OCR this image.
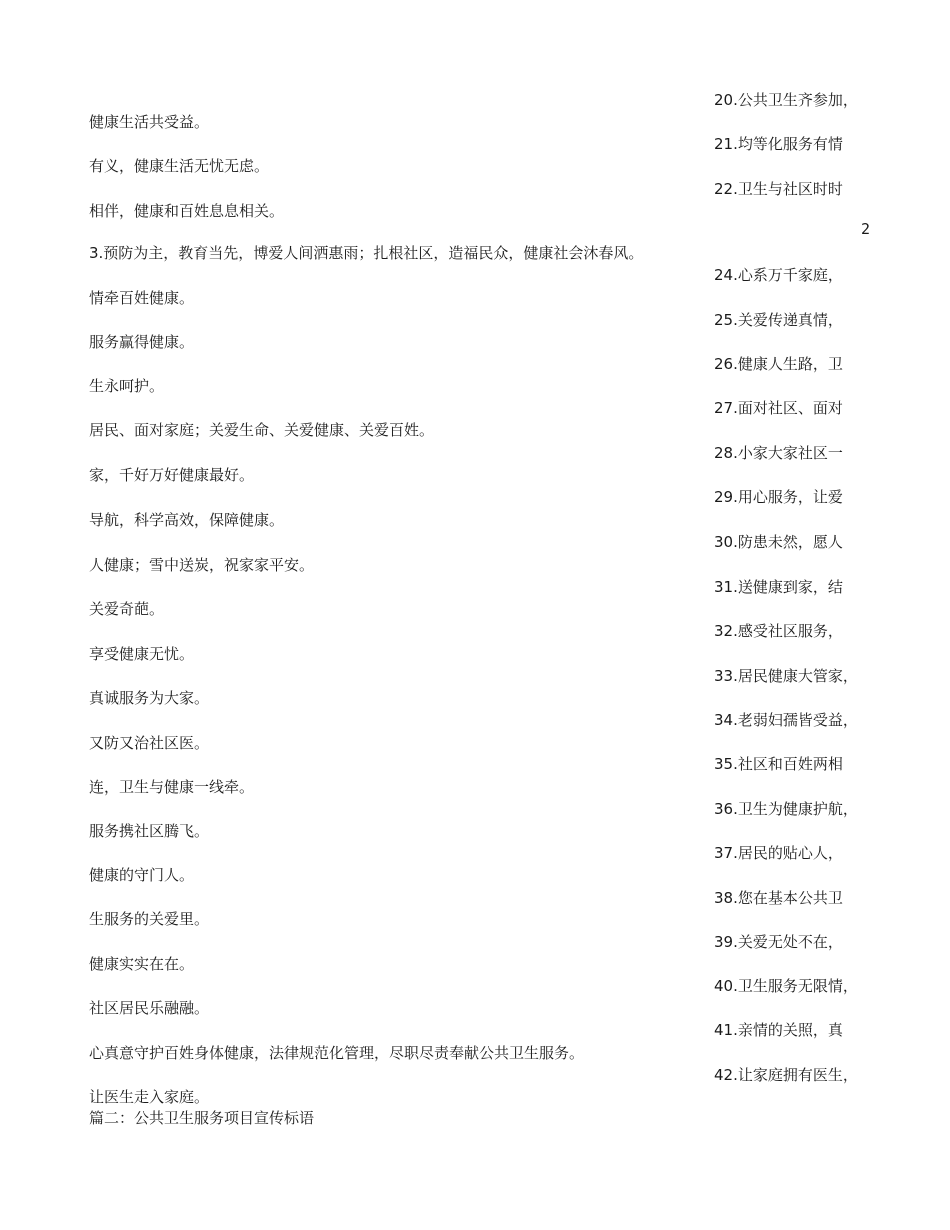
健康生活共受益。
有义，健康生活无忧无虑。
相伴，健康和百姓息息相关。
3.预防为主，教育当先，博爱人间洒惠雨；扎根社区，造福民众，健康社会沐春风。
情牵百姓健康。
服务赢得健康。
生永呵护。
居民、面对家庭；关爱生命、关爱健康、关爱百姓。
家，千好万好健康最好。
导航，科学高效，保障健康。
人健康；雪中送炭，祝家家平安。
关爱奇葩。
享受健康无忧。
真诚服务为大家。
又防又治社区医。
连，卫生与健康一线牵。
服务携社区腾飞。
健康的守门人。
生服务的关爱里。
健康实实在在。
社区居民乐融融。
心真意守护百姓身体健康，法律规范化管理，尽职尽责奉献公共卫生服务。
让医生走入家庭。
篇二：公共卫生服务项目宣传标语
2
20.公共卫生齐参加，
21.均等化服务有情
22.卫生与社区时时
24.心系万千家庭，
25.关爱传递真情，
26.健康人生路，卫
27.面对社区、面对
28.小家大家社区一
29.用心服务，让爱
30.防患未然，愿人
31.送健康到家，结
32.感受社区服务，
33.居民健康大管家，
34.老弱妇孺皆受益，
35.社区和百姓两相
36.卫生为健康护航，
37.居民的贴心人，
38.您在基本公共卫
39.关爱无处不在，
40.卫生服务无限情，
41.亲情的关照，真
42.让家庭拥有医生，
